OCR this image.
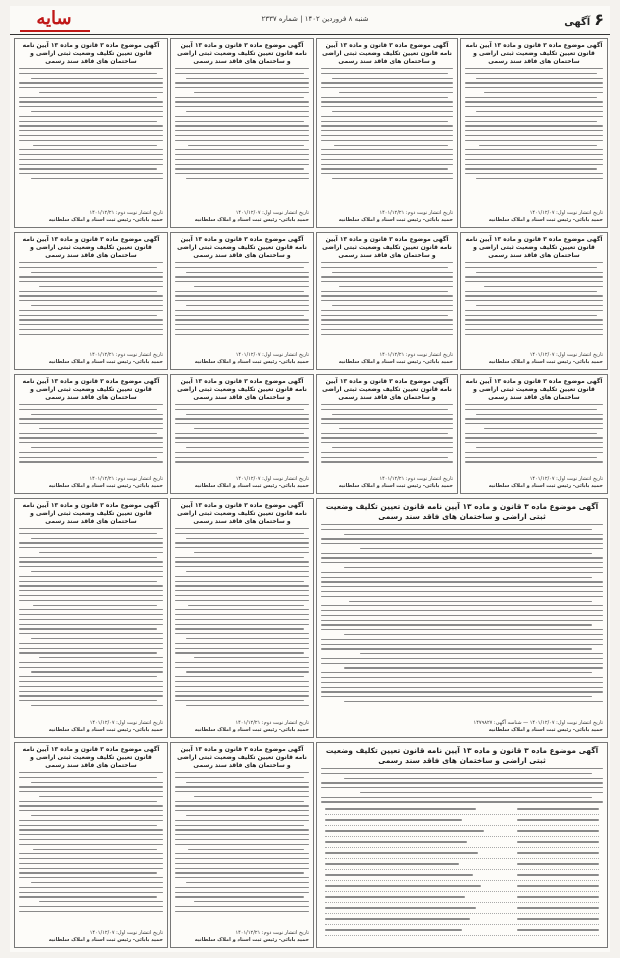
سایه	شنبه ۸ فروردین ۱۴۰۲ | شماره ۲۳۳۷	۶آگهی
آگهی موضوع ماده ۳ قانون و ماده ۱۳ آیین نامه قانون تعیین تکلیف وضعیت ثبتی اراضی و ساختمان های فاقد سند رسمی
تاریخ انتشار نوبت اول: ۱۴۰۱/۱۲/۰۷

حمید بابائی- رئیس ثبت اسناد و املاک سلطانیه
آگهی موضوع ماده ۳ قانون و ماده ۱۳ آیین نامه قانون تعیین تکلیف وضعیت ثبتی اراضی و ساختمان های فاقد سند رسمی
تاریخ انتشار نوبت دوم: ۱۴۰۱/۱۲/۲۱

حمید بابائی- رئیس ثبت اسناد و املاک سلطانیه
آگهی موضوع ماده ۳ قانون و ماده ۱۳ آیین نامه قانون تعیین تکلیف وضعیت ثبتی اراضی و ساختمان های فاقد سند رسمی
تاریخ انتشار نوبت اول: ۱۴۰۱/۱۲/۰۷

حمید بابائی- رئیس ثبت اسناد و املاک سلطانیه
آگهی موضوع ماده ۳ قانون و ماده ۱۳ آیین نامه قانون تعیین تکلیف وضعیت ثبتی اراضی و ساختمان های فاقد سند رسمی
تاریخ انتشار نوبت دوم: ۱۴۰۱/۱۲/۲۱

حمید بابائی- رئیس ثبت اسناد و املاک سلطانیه
آگهی موضوع ماده ۳ قانون و ماده ۱۳ آیین نامه قانون تعیین تکلیف وضعیت ثبتی اراضی و ساختمان های فاقد سند رسمی
تاریخ انتشار نوبت اول: ۱۴۰۱/۱۲/۰۷

حمید بابائی- رئیس ثبت اسناد و املاک سلطانیه
آگهی موضوع ماده ۳ قانون و ماده ۱۳ آیین نامه قانون تعیین تکلیف وضعیت ثبتی اراضی و ساختمان های فاقد سند رسمی
تاریخ انتشار نوبت دوم: ۱۴۰۱/۱۲/۲۱

حمید بابائی- رئیس ثبت اسناد و املاک سلطانیه
آگهی موضوع ماده ۳ قانون و ماده ۱۳ آیین نامه قانون تعیین تکلیف وضعیت ثبتی اراضی و ساختمان های فاقد سند رسمی
تاریخ انتشار نوبت اول: ۱۴۰۱/۱۲/۰۷

حمید بابائی- رئیس ثبت اسناد و املاک سلطانیه
آگهی موضوع ماده ۳ قانون و ماده ۱۳ آیین نامه قانون تعیین تکلیف وضعیت ثبتی اراضی و ساختمان های فاقد سند رسمی
تاریخ انتشار نوبت دوم: ۱۴۰۱/۱۲/۲۱

حمید بابائی- رئیس ثبت اسناد و املاک سلطانیه
آگهی موضوع ماده ۳ قانون و ماده ۱۳ آیین نامه قانون تعیین تکلیف وضعیت ثبتی اراضی و ساختمان های فاقد سند رسمی
تاریخ انتشار نوبت اول: ۱۴۰۱/۱۲/۰۷

حمید بابائی- رئیس ثبت اسناد و املاک سلطانیه
آگهی موضوع ماده ۳ قانون و ماده ۱۳ آیین نامه قانون تعیین تکلیف وضعیت ثبتی اراضی و ساختمان های فاقد سند رسمی
تاریخ انتشار نوبت دوم: ۱۴۰۱/۱۲/۲۱

حمید بابائی- رئیس ثبت اسناد و املاک سلطانیه
آگهی موضوع ماده ۳ قانون و ماده ۱۳ آیین نامه قانون تعیین تکلیف وضعیت ثبتی اراضی و ساختمان های فاقد سند رسمی
تاریخ انتشار نوبت اول: ۱۴۰۱/۱۲/۰۷

حمید بابائی- رئیس ثبت اسناد و املاک سلطانیه
آگهی موضوع ماده ۳ قانون و ماده ۱۳ آیین نامه قانون تعیین تکلیف وضعیت ثبتی اراضی و ساختمان های فاقد سند رسمی
تاریخ انتشار نوبت دوم: ۱۴۰۱/۱۲/۲۱

حمید بابائی- رئیس ثبت اسناد و املاک سلطانیه
آگهی موضوع ماده ۳ قانون و ماده ۱۳ آیین نامه قانون تعیین تکلیف وضعیت ثبتی اراضی و ساختمان های فاقد سند رسمی
تاریخ انتشار نوبت اول: ۱۴۰۱/۱۲/۰۷ — شناسه آگهی: ۱۴۷۹۸۲۷

حمید بابائی- رئیس ثبت اسناد و املاک سلطانیه
آگهی موضوع ماده ۳ قانون و ماده ۱۳ آیین نامه قانون تعیین تکلیف وضعیت ثبتی اراضی و ساختمان های فاقد سند رسمی
تاریخ انتشار نوبت دوم: ۱۴۰۱/۱۲/۲۱

حمید بابائی- رئیس ثبت اسناد و املاک سلطانیه
آگهی موضوع ماده ۳ قانون و ماده ۱۳ آیین نامه قانون تعیین تکلیف وضعیت ثبتی اراضی و ساختمان های فاقد سند رسمی
تاریخ انتشار نوبت اول: ۱۴۰۱/۱۲/۰۷

حمید بابائی- رئیس ثبت اسناد و املاک سلطانیه
آگهی موضوع ماده ۳ قانون و ماده ۱۳ آیین نامه قانون تعیین تکلیف وضعیت ثبتی اراضی و ساختمان های فاقد سند رسمی
آگهی موضوع ماده ۳ قانون و ماده ۱۳ آیین نامه قانون تعیین تکلیف وضعیت ثبتی اراضی و ساختمان های فاقد سند رسمی
تاریخ انتشار نوبت دوم: ۱۴۰۱/۱۲/۲۱

حمید بابائی- رئیس ثبت اسناد و املاک سلطانیه
آگهی موضوع ماده ۳ قانون و ماده ۱۳ آیین نامه قانون تعیین تکلیف وضعیت ثبتی اراضی و ساختمان های فاقد سند رسمی
تاریخ انتشار نوبت اول: ۱۴۰۱/۱۲/۰۷

حمید بابائی- رئیس ثبت اسناد و املاک سلطانیه
